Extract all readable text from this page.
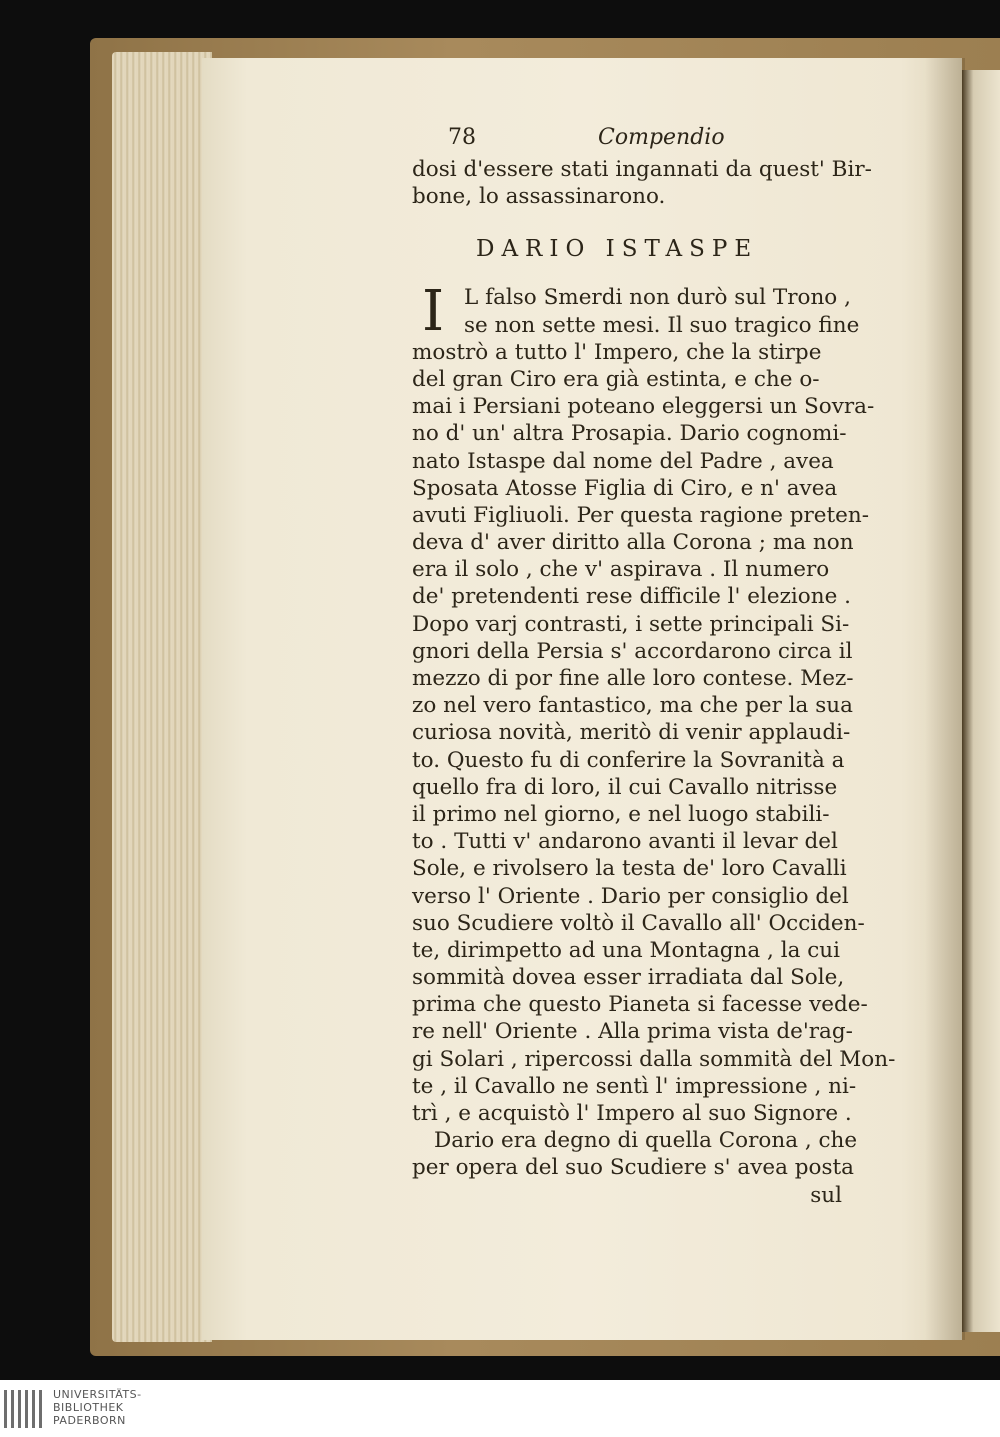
78	Compendio
dosi d'essere stati ingannati da quest' Bir-
bone, lo assassinarono.
DARIO ISTASPE
I L falso Smerdi non durò sul Trono ,
se non sette mesi. Il suo tragico fine
mostrò a tutto l' Impero, che la stirpe
del gran Ciro era già estinta, e che o-
mai i Persiani poteano eleggersi un Sovra-
no d' un' altra Prosapia. Dario cognomi-
nato Istaspe dal nome del Padre , avea
Sposata Atosse Figlia di Ciro, e n' avea
avuti Figliuoli. Per questa ragione preten-
deva d' aver diritto alla Corona ; ma non
era il solo , che v' aspirava . Il numero
de' pretendenti rese difficile l' elezione .
Dopo varj contrasti, i sette principali Si-
gnori della Persia s' accordarono circa il
mezzo di por fine alle loro contese. Mez-
zo nel vero fantastico, ma che per la sua
curiosa novità, meritò di venir applaudi-
to. Questo fu di conferire la Sovranità a
quello fra di loro, il cui Cavallo nitrisse
il primo nel giorno, e nel luogo stabili-
to . Tutti v' andarono avanti il levar del
Sole, e rivolsero la testa de' loro Cavalli
verso l' Oriente . Dario per consiglio del
suo Scudiere voltò il Cavallo all' Occiden-
te, dirimpetto ad una Montagna , la cui
sommità dovea esser irradiata dal Sole,
prima che questo Pianeta si facesse vede-
re nell' Oriente . Alla prima vista de'rag-
gi Solari , ripercossi dalla sommità del Mon-
te , il Cavallo ne sentì l' impressione , ni-
trì , e acquistò l' Impero al suo Signore .
Dario era degno di quella Corona , che
per opera del suo Scudiere s' avea posta
sul
UNIVERSITÄTS-
BIBLIOTHEK
PADERBORN
